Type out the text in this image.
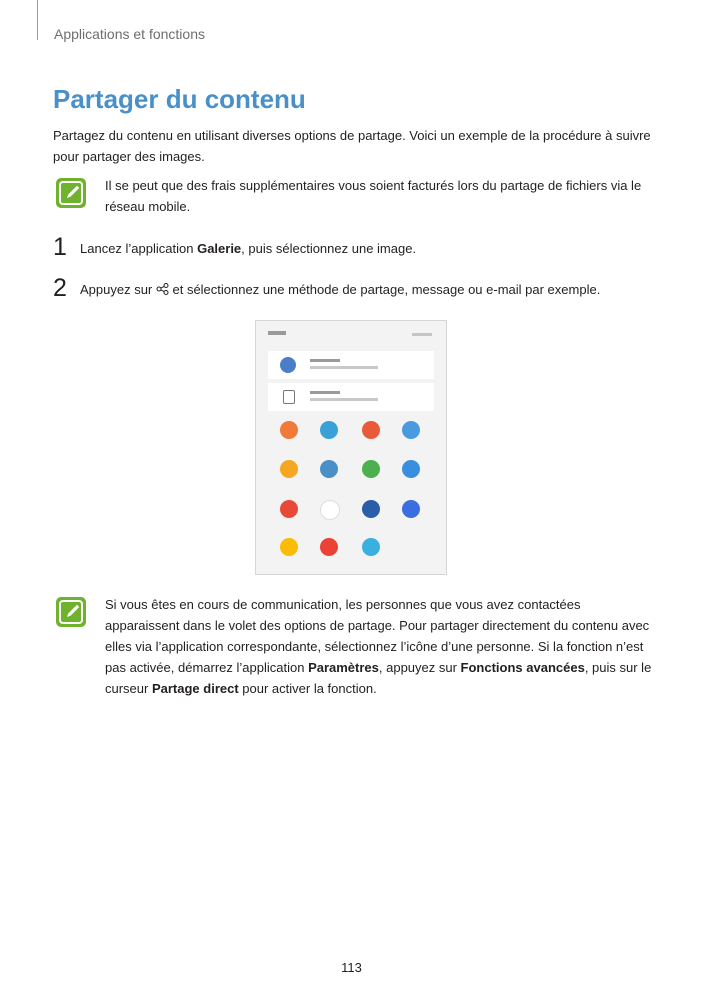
Applications et fonctions
Partager du contenu

Partagez du contenu en utilisant diverses options de partage. Voici un exemple de la procédure à suivre pour partager des images.

Il se peut que des frais supplémentaires vous soient facturés lors du partage de fichiers via le réseau mobile.

1 Lancez l’application Galerie, puis sélectionnez une image.
2 Appuyez sur  et sélectionnez une méthode de partage, message ou e-mail par exemple.

Si vous êtes en cours de communication, les personnes que vous avez contactées apparaissent dans le volet des options de partage. Pour partager directement du contenu avec elles via l’application correspondante, sélectionnez l’icône d’une personne. Si la fonction n’est pas activée, démarrez l’application Paramètres, appuyez sur Fonctions avancées, puis sur le curseur Partage direct pour activer la fonction.

113
